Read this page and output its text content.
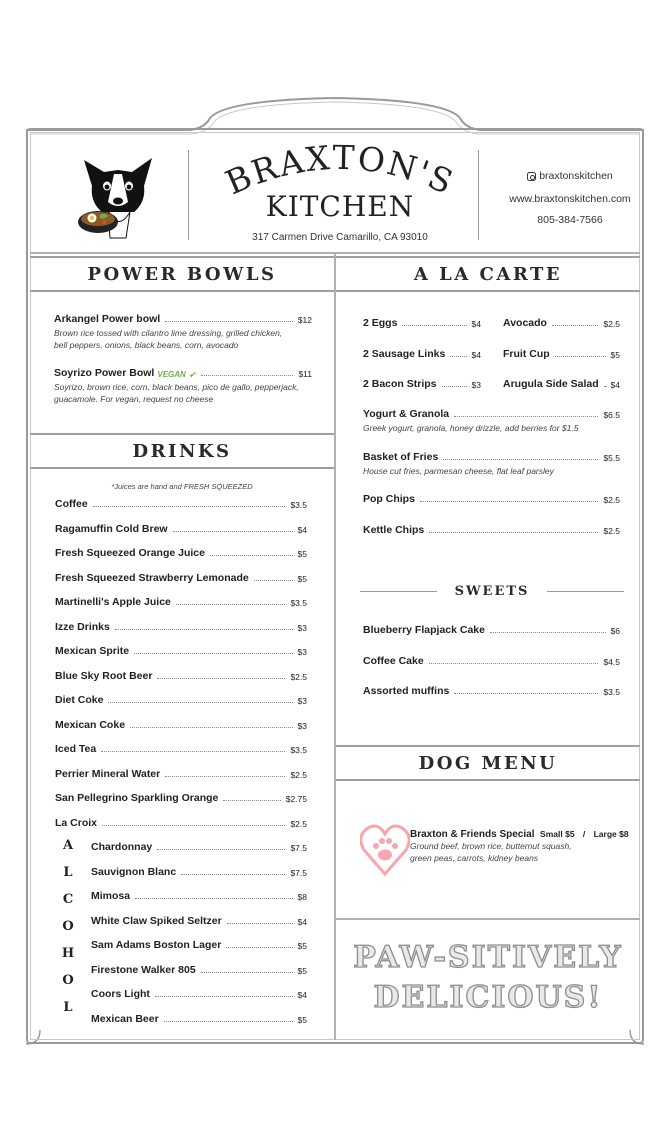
BRAXTON'S
KITCHEN
317 Carmen Drive Camarillo, CA 93010
braxtonskitchen
www.braxtonskitchen.com
805-384-7566
POWER BOWLS
Arkangel Power bowl	$12
Brown rice tossed with cilantro lime dressing, grilled chicken,
bell peppers, onions, black beans, corn, avocado
Soyrizo Power Bowl VEGAN ➶	$11
Soyrizo, brown rice, corn, black beans, pico de gallo, pepperjack,
guacamole. For vegan, request no cheese
DRINKS
*Juices are hand and FRESH SQUEEZED
Coffee	$3.5
Ragamuffin Cold Brew	$4
Fresh Squeezed Orange Juice	$5
Fresh Squeezed Strawberry Lemonade	$5
Martinelli's Apple Juice	$3.5
Izze Drinks	$3
Mexican Sprite	$3
Blue Sky Root Beer	$2.5
Diet Coke	$3
Mexican Coke	$3
Iced Tea	$3.5
Perrier Mineral Water	$2.5
San Pellegrino Sparkling Orange	$2.75
La Croix	$2.5
A
L
C
O
H
O
L
Chardonnay	$7.5
Sauvignon Blanc	$7.5
Mimosa	$8
White Claw Spiked Seltzer	$4
Sam Adams Boston Lager	$5
Firestone Walker 805	$5
Coors Light	$4
Mexican Beer	$5
A LA CARTE
2 Eggs	$4
2 Sausage Links	$4
2 Bacon Strips	$3
Avocado	$2.5
Fruit Cup	$5
Arugula Side Salad $4
Yogurt & Granola	$6.5
Greek yogurt, granola, honey drizzle, add berries for $1.5
Basket of Fries	$5.5
House cut fries, parmesan cheese, flat leaf parsley
Pop Chips	$2.5
Kettle Chips	$2.5
SWEETS
Blueberry Flapjack Cake	$6
Coffee Cake	$4.5
Assorted muffins	$3.5
DOG MENU
Braxton & Friends Special Small $5 / Large $8
Ground beef, brown rice, butternut squash,
green peas, carrots, kidney beans
PAW-SITIVELY
DELICIOUS!
